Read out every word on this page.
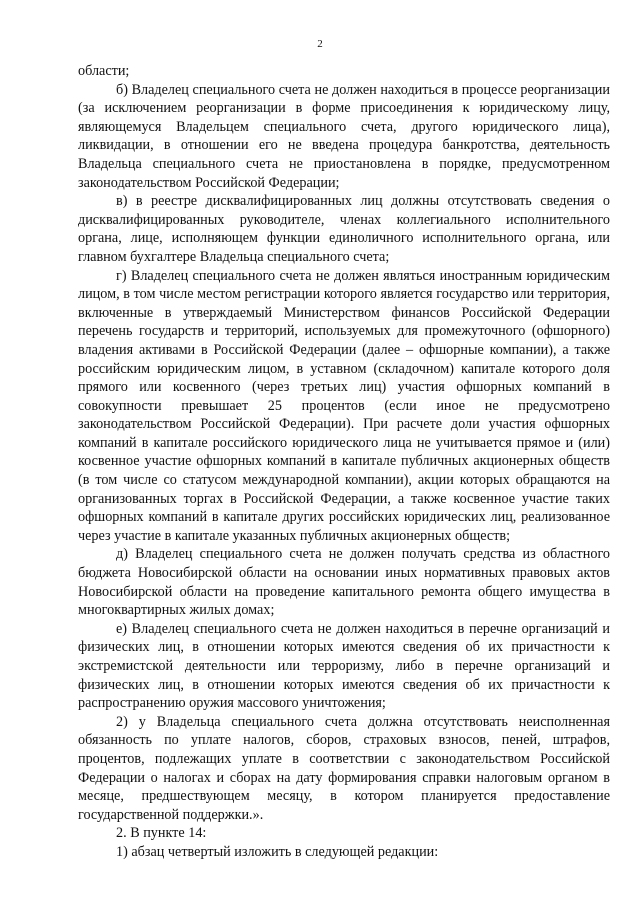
2

области;

б) Владелец специального счета не должен находиться в процессе реорганизации (за исключением реорганизации в форме присоединения к юридическому лицу, являющемуся Владельцем специального счета, другого юридического лица), ликвидации, в отношении его не введена процедура банкротства, деятельность Владельца специального счета не приостановлена в порядке, предусмотренном законодательством Российской Федерации;

в) в реестре дисквалифицированных лиц должны отсутствовать сведения о дисквалифицированных руководителе, членах коллегиального исполнительного органа, лице, исполняющем функции единоличного исполнительного органа, или главном бухгалтере Владельца специального счета;

г) Владелец специального счета не должен являться иностранным юридическим лицом, в том числе местом регистрации которого является государство или территория, включенные в утверждаемый Министерством финансов Российской Федерации перечень государств и территорий, используемых для промежуточного (офшорного) владения активами в Российской Федерации (далее – офшорные компании), а также российским юридическим лицом, в уставном (складочном) капитале которого доля прямого или косвенного (через третьих лиц) участия офшорных компаний в совокупности превышает 25 процентов (если иное не предусмотрено законодательством Российской Федерации). При расчете доли участия офшорных компаний в капитале российского юридического лица не учитывается прямое и (или) косвенное участие офшорных компаний в капитале публичных акционерных обществ (в том числе со статусом международной компании), акции которых обращаются на организованных торгах в Российской Федерации, а также косвенное участие таких офшорных компаний в капитале других российских юридических лиц, реализованное через участие в капитале указанных публичных акционерных обществ;

д) Владелец специального счета не должен получать средства из областного бюджета Новосибирской области на основании иных нормативных правовых актов Новосибирской области на проведение капитального ремонта общего имущества в многоквартирных жилых домах;

е) Владелец специального счета не должен находиться в перечне организаций и физических лиц, в отношении которых имеются сведения об их причастности к экстремистской деятельности или терроризму, либо в перечне организаций и физических лиц, в отношении которых имеются сведения об их причастности к распространению оружия массового уничтожения;

2) у Владельца специального счета должна отсутствовать неисполненная обязанность по уплате налогов, сборов, страховых взносов, пеней, штрафов, процентов, подлежащих уплате в соответствии с законодательством Российской Федерации о налогах и сборах на дату формирования справки налоговым органом в месяце, предшествующем месяцу, в котором планируется предоставление государственной поддержки.».

2. В пункте 14:

1) абзац четвертый изложить в следующей редакции:
